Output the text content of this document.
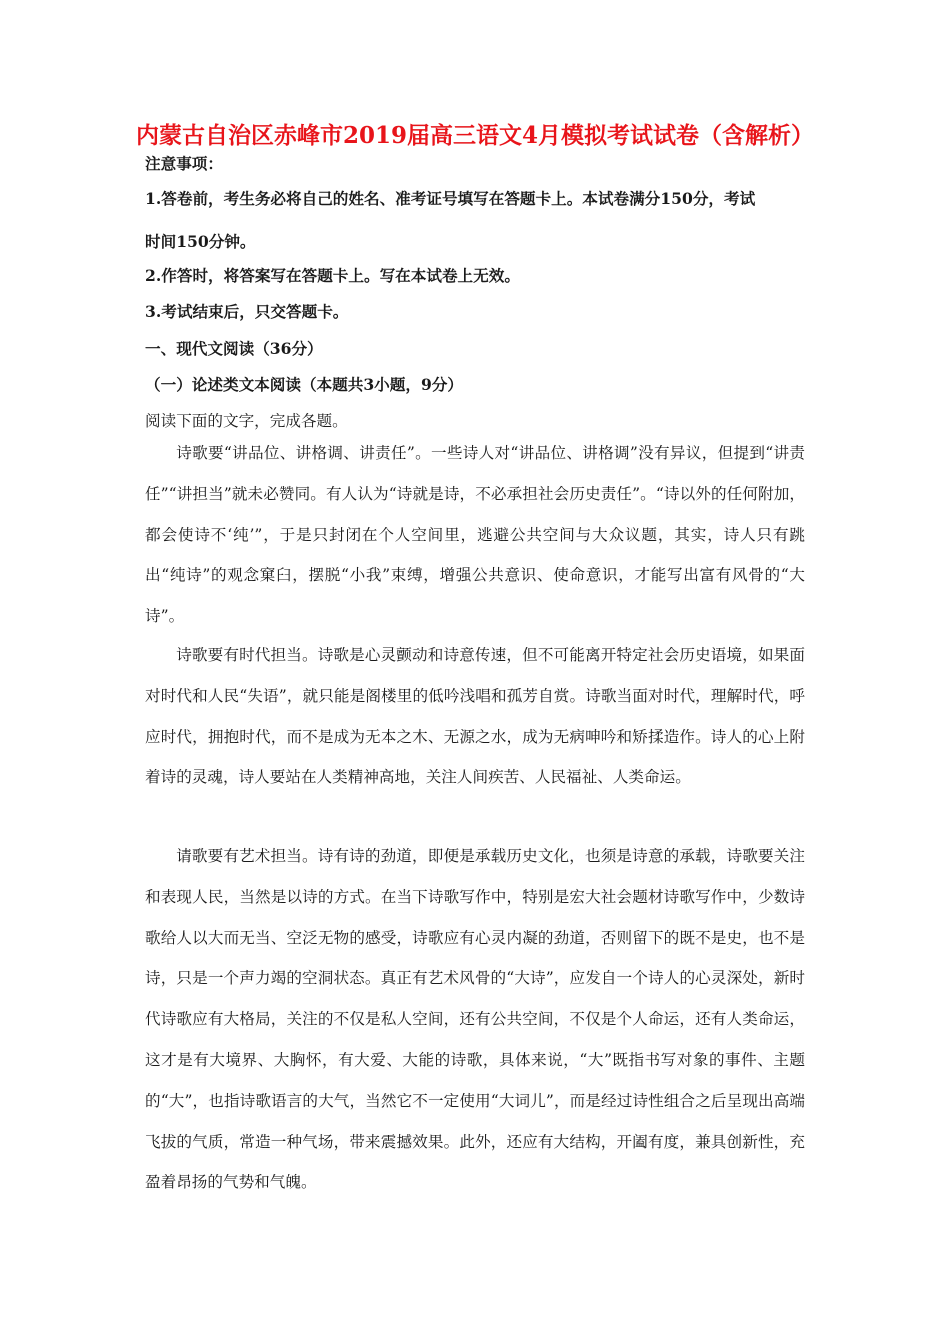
内蒙古自治区赤峰市2019届高三语文4月模拟考试试卷（含解析）
注意事项：
1.答卷前，考生务必将自己的姓名、准考证号填写在答题卡上。本试卷满分150分，考试
时间150分钟。
2.作答时，将答案写在答题卡上。写在本试卷上无效。
3.考试结束后，只交答题卡。
一、现代文阅读（36分）
（一）论述类文本阅读（本题共3小题，9分）
阅读下面的文字，完成各题。

诗歌要“讲品位、讲格调、讲责任”。一些诗人对“讲品位、讲格调”没有异议，但提到“讲责任”“讲担当”就未必赞同。有人认为“诗就是诗，不必承担社会历史责任”。“诗以外的任何附加，都会使诗不‘纯’”，于是只封闭在个人空间里，逃避公共空间与大众议题，其实，诗人只有跳出“纯诗”的观念窠臼，摆脱“小我”束缚，增强公共意识、使命意识，才能写出富有风骨的“大诗”。

诗歌要有时代担当。诗歌是心灵颤动和诗意传速，但不可能离开特定社会历史语境，如果面对时代和人民“失语”，就只能是阁楼里的低吟浅唱和孤芳自赏。诗歌当面对时代，理解时代，呼应时代，拥抱时代，而不是成为无本之木、无源之水，成为无病呻吟和矫揉造作。诗人的心上附着诗的灵魂，诗人要站在人类精神高地，关注人间疾苦、人民福祉、人类命运。

请歌要有艺术担当。诗有诗的劲道，即便是承载历史文化，也须是诗意的承载，诗歌要关注和表现人民，当然是以诗的方式。在当下诗歌写作中，特别是宏大社会题材诗歌写作中，少数诗歌给人以大而无当、空泛无物的感受，诗歌应有心灵内凝的劲道，否则留下的既不是史，也不是诗，只是一个声力竭的空洞状态。真正有艺术风骨的“大诗”，应发自一个诗人的心灵深处，新时代诗歌应有大格局，关注的不仅是私人空间，还有公共空间，不仅是个人命运，还有人类命运，这才是有大境界、大胸怀，有大爱、大能的诗歌，具体来说，“大”既指书写对象的事件、主题的“大”，也指诗歌语言的大气，当然它不一定使用“大词儿”，而是经过诗性组合之后呈现出高端飞拔的气质，常造一种气场，带来震撼效果。此外，还应有大结构，开阖有度，兼具创新性，充盈着昂扬的气势和气魄。
